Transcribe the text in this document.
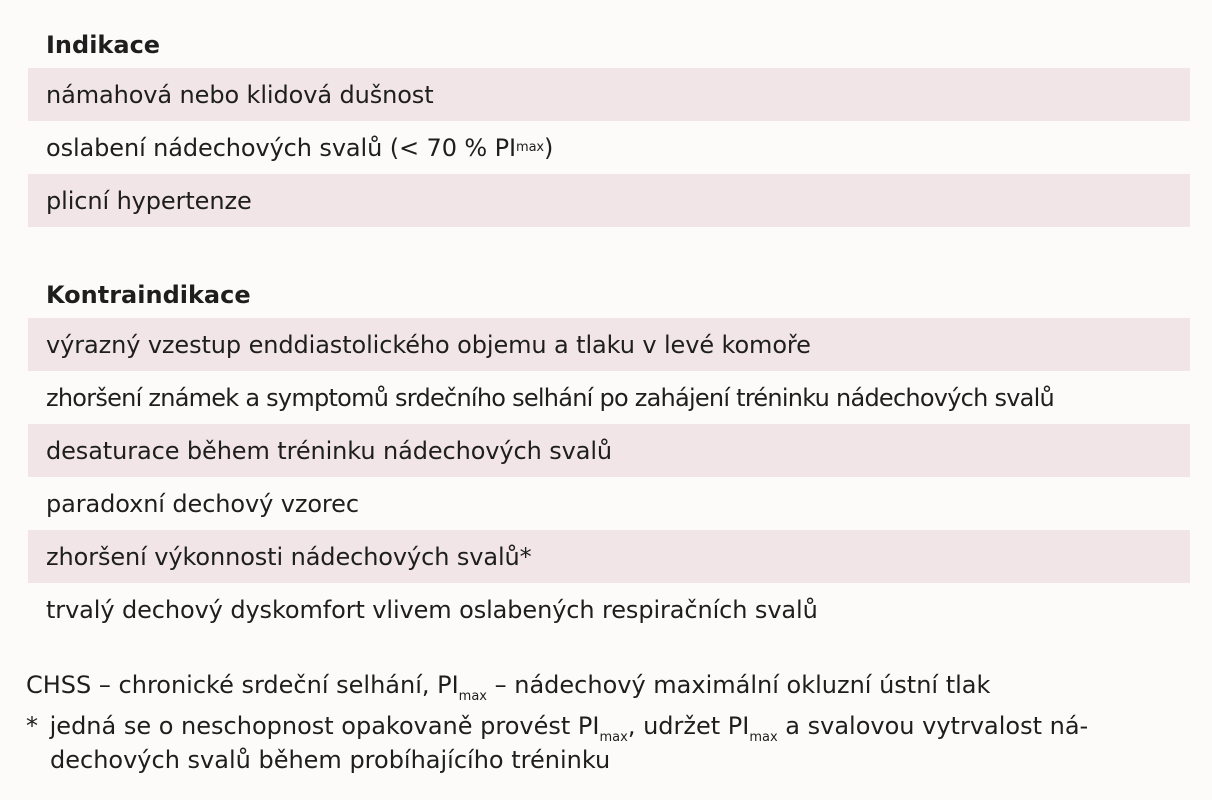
Indikace
námahová nebo klidová dušnost
oslabení nádechových svalů (< 70 % PI max )
plicní hypertenze
Kontraindikace
výrazný vzestup enddiastolického objemu a tlaku v levé komoře
zhoršení známek a symptomů srdečního selhání po zahájení tréninku nádechových svalů
desaturace během tréninku nádechových svalů
paradoxní dechový vzorec
zhoršení výkonnosti nádechových svalů*
trvalý dechový dyskomfort vlivem oslabených respiračních svalů
CHSS – chronické srdeční selhání, $PI_{max}$ – nádechový maximální okluzní ústní tlak
* jedná se o neschopnost opakovaně provést $PI_{max}$, udržet $PI_{max}$ a svalovou vytrvalost ná-
dechových svalů během probíhajícího tréninku
